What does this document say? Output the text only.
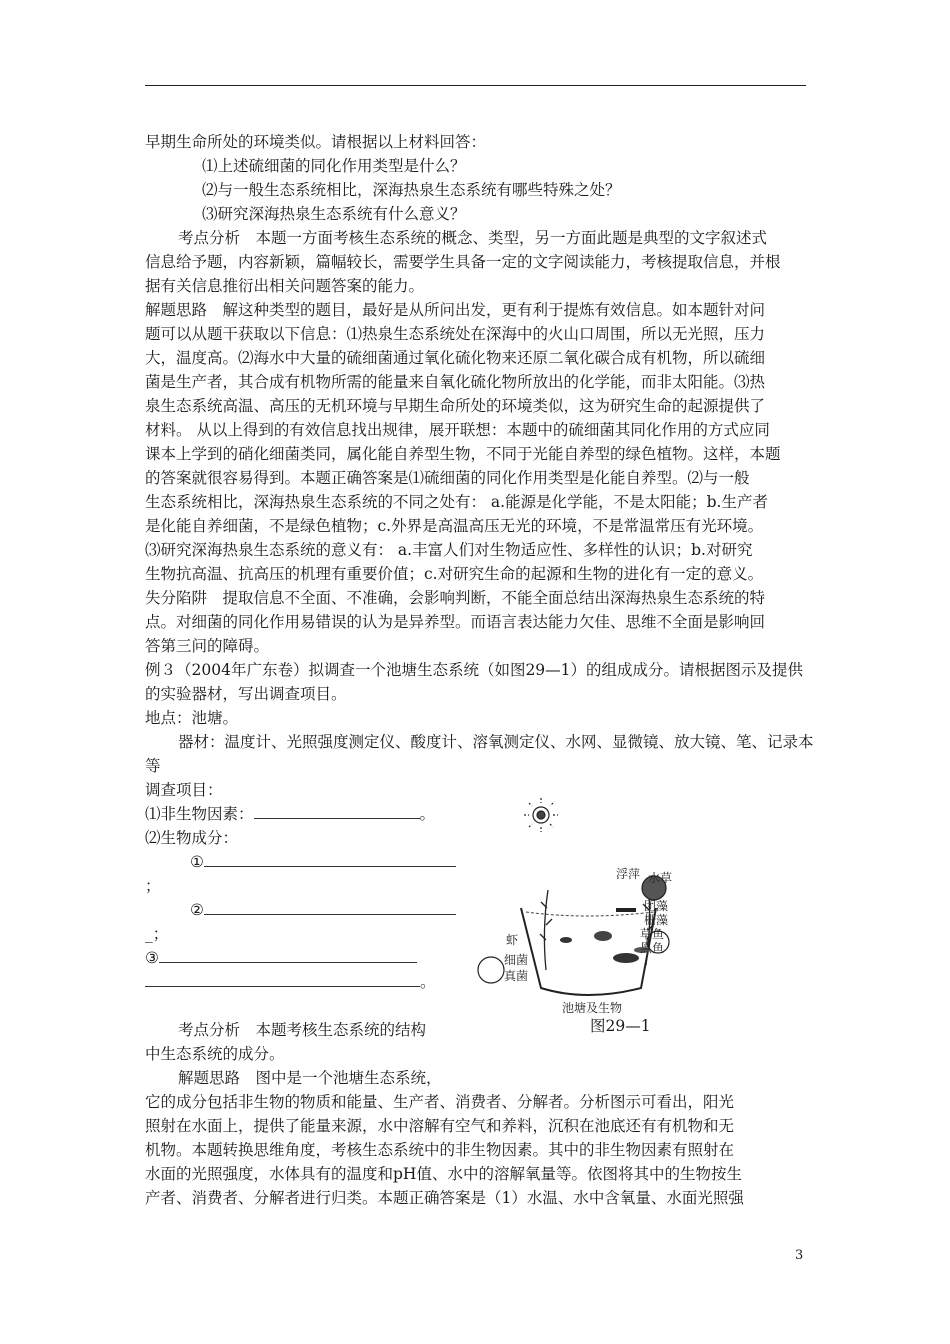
早期生命所处的环境类似。请根据以上材料回答：
⑴上述硫细菌的同化作用类型是什么？
⑵与一般生态系统相比，深海热泉生态系统有哪些特殊之处？
⑶研究深海热泉生态系统有什么意义？
考点分析　本题一方面考核生态系统的概念、类型，另一方面此题是典型的文字叙述式
信息给予题，内容新颖，篇幅较长，需要学生具备一定的文字阅读能力，考核提取信息，并根
据有关信息推衍出相关问题答案的能力。
解题思路　解这种类型的题目，最好是从所问出发，更有利于提炼有效信息。如本题针对问
题可以从题干获取以下信息：⑴热泉生态系统处在深海中的火山口周围，所以无光照，压力
大，温度高。⑵海水中大量的硫细菌通过氧化硫化物来还原二氧化碳合成有机物，所以硫细
菌是生产者，其合成有机物所需的能量来自氧化硫化物所放出的化学能，而非太阳能。⑶热
泉生态系统高温、高压的无机环境与早期生命所处的环境类似，这为研究生命的起源提供了
材料。 从以上得到的有效信息找出规律，展开联想：本题中的硫细菌其同化作用的方式应同
课本上学到的硝化细菌类同，属化能自养型生物，不同于光能自养型的绿色植物。这样，本题
的答案就很容易得到。本题正确答案是⑴硫细菌的同化作用类型是化能自养型。⑵与一般
生态系统相比，深海热泉生态系统的不同之处有： a.能源是化学能，不是太阳能；b.生产者
是化能自养细菌，不是绿色植物；c.外界是高温高压无光的环境，不是常温常压有光环境。
⑶研究深海热泉生态系统的意义有： a.丰富人们对生物适应性、多样性的认识；b.对研究
生物抗高温、抗高压的机理有重要价值；c.对研究生命的起源和生物的进化有一定的意义。
失分陷阱　提取信息不全面、不准确，会影响判断，不能全面总结出深海热泉生态系统的特
点。对细菌的同化作用易错误的认为是异养型。而语言表达能力欠佳、思维不全面是影响回
答第三问的障碍。
例３（2004年广东卷）拟调查一个池塘生态系统（如图29—1）的组成成分。请根据图示及提供
的实验器材，写出调查项目。
地点：池塘。
器材：温度计、光照强度测定仪、酸度计、溶氧测定仪、水网、显微镜、放大镜、笔、记录本
等
调查项目：
⑴非生物因素：	。
⑵生物成分：
①
；
②
_；
③
。
考点分析　本题考核生态系统的结构
中生态系统的成分。
解题思路　图中是一个池塘生态系统，
它的成分包括非生物的物质和能量、生产者、消费者、分解者。分析图示可看出，阳光
照射在水面上，提供了能量来源，水中溶解有空气和养料，沉积在池底还有有机物和无
机物。本题转换思维角度，考核生态系统中的非生物因素。其中的非生物因素有照射在
水面的光照强度，水体具有的温度和pH值、水中的溶解氧量等。依图将其中的生物按生
产者、消费者、分解者进行归类。本题正确答案是（1）水温、水中含氧量、水面光照强
浮萍 水草
团藻
栅藻
草鱼
黑鱼
虾
细菌
真菌
池塘及生物
图29—1
3
